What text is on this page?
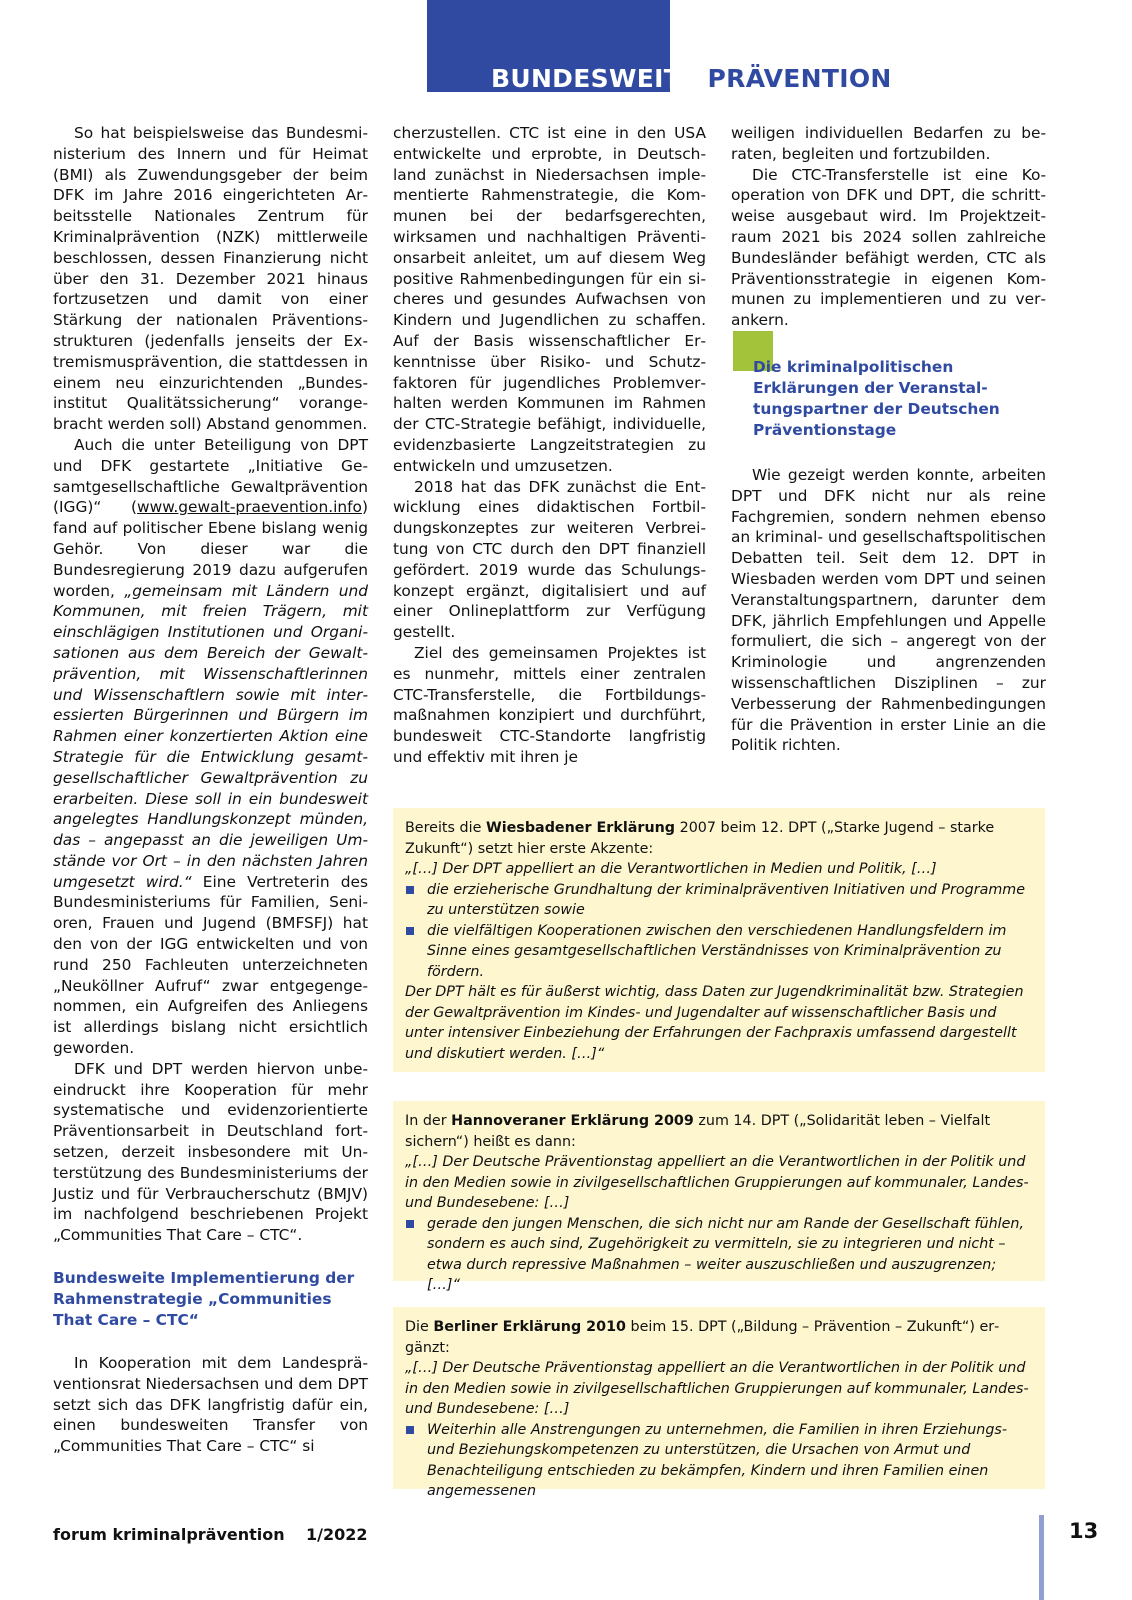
BUNDESWEITE PRÄVENTION

So hat beispielsweise das Bundesministerium des Innern und für Heimat (BMI) als Zuwendungsgeber der beim DFK im Jahre 2016 eingerichteten Arbeitsstelle Nationales Zentrum für Kriminalprävention (NZK) mittlerweile beschlossen, dessen Finanzierung nicht über den 31. Dezember 2021 hinaus fortzusetzen und damit von einer Stärkung der nationalen Präventionsstrukturen (jedenfalls jenseits der Extremismusprävention, die stattdessen in einem neu einzurichtenden „Bundesinstitut Qualitätssicherung“ vorangebracht werden soll) Abstand genommen.

Auch die unter Beteiligung von DPT und DFK gestartete „Initiative Gesamtgesellschaftliche Gewaltprävention (IGG)“ (www.gewalt-praevention.info) fand auf politischer Ebene bislang wenig Gehör. Von dieser war die Bundesregierung 2019 dazu aufgerufen worden, „gemeinsam mit Ländern und Kommunen, mit freien Trägern, mit einschlägigen Institutionen und Organisationen aus dem Bereich der Gewaltprävention, mit Wissenschaftlerinnen und Wissenschaftlern sowie mit interessierten Bürgerinnen und Bürgern im Rahmen einer konzertierten Aktion eine Strategie für die Entwicklung gesamtgesellschaftlicher Gewaltprävention zu erarbeiten. Diese soll in ein bundesweit angelegtes Handlungskonzept münden, das – angepasst an die jeweiligen Umstände vor Ort – in den nächsten Jahren umgesetzt wird.“ Eine Vertreterin des Bundesministeriums für Familien, Senioren, Frauen und Jugend (BMFSFJ) hat den von der IGG entwickelten und von rund 250 Fachleuten unterzeichneten „Neuköllner Aufruf“ zwar entgegengenommen, ein Aufgreifen des Anliegens ist allerdings bislang nicht ersichtlich geworden.

DFK und DPT werden hiervon unbeeindruckt ihre Kooperation für mehr systematische und evidenzorientierte Präventionsarbeit in Deutschland fortsetzen, derzeit insbesondere mit Unterstützung des Bundesministeriums der Justiz und für Verbraucherschutz (BMJV) im nachfolgend beschriebenen Projekt „Communities That Care – CTC“.

Bundesweite Implementierung der Rahmenstrategie „Communities That Care – CTC“

In Kooperation mit dem Landespräventionsrat Niedersachsen und dem DPT setzt sich das DFK langfristig dafür ein, einen bundesweiten Transfer von „Communities That Care – CTC“ si

cherzustellen. CTC ist eine in den USA entwickelte und erprobte, in Deutschland zunächst in Niedersachsen implementierte Rahmenstrategie, die Kommunen bei der bedarfsgerechten, wirksamen und nachhaltigen Präventionsarbeit anleitet, um auf diesem Weg positive Rahmenbedingungen für ein sicheres und gesundes Aufwachsen von Kindern und Jugendlichen zu schaffen. Auf der Basis wissenschaftlicher Erkenntnisse über Risiko- und Schutzfaktoren für jugendliches Problemverhalten werden Kommunen im Rahmen der CTC-Strategie befähigt, individuelle, evidenzbasierte Langzeitstrategien zu entwickeln und umzusetzen.

2018 hat das DFK zunächst die Entwicklung eines didaktischen Fortbildungskonzeptes zur weiteren Verbreitung von CTC durch den DPT finanziell gefördert. 2019 wurde das Schulungskonzept ergänzt, digitalisiert und auf einer Onlineplattform zur Verfügung gestellt.

Ziel des gemeinsamen Projektes ist es nunmehr, mittels einer zentralen CTC-Transferstelle, die Fortbildungsmaßnahmen konzipiert und durchführt, bundesweit CTC-Standorte langfristig und effektiv mit ihren je

weiligen individuellen Bedarfen zu beraten, begleiten und fortzubilden.

Die CTC-Transferstelle ist eine Kooperation von DFK und DPT, die schrittweise ausgebaut wird. Im Projektzeitraum 2021 bis 2024 sollen zahlreiche Bundesländer befähigt werden, CTC als Präventionsstrategie in eigenen Kommunen zu implementieren und zu verankern.

Die kriminalpolitischen Erklärungen der Veranstaltungspartner der Deutschen Präventionstage

Wie gezeigt werden konnte, arbeiten DPT und DFK nicht nur als reine Fachgremien, sondern nehmen ebenso an kriminal- und gesellschaftspolitischen Debatten teil. Seit dem 12. DPT in Wiesbaden werden vom DPT und seinen Veranstaltungspartnern, darunter dem DFK, jährlich Empfehlungen und Appelle formuliert, die sich – angeregt von der Kriminologie und angrenzenden wissenschaftlichen Disziplinen – zur Verbesserung der Rahmenbedingungen für die Prävention in erster Linie an die Politik richten.

Bereits die Wiesbadener Erklärung 2007 beim 12. DPT („Starke Jugend – starke Zukunft“) setzt hier erste Akzente:

„[…] Der DPT appelliert an die Verantwortlichen in Medien und Politik, […]

die erzieherische Grundhaltung der kriminalpräventiven Initiativen und Programme zu unterstützen sowie
die vielfältigen Kooperationen zwischen den verschiedenen Handlungsfeldern im Sinne eines gesamtgesellschaftlichen Verständnisses von Kriminalprävention zu fördern.

Der DPT hält es für äußerst wichtig, dass Daten zur Jugendkriminalität bzw. Strategien der Gewaltprävention im Kindes- und Jugendalter auf wissenschaftlicher Basis und unter intensiver Einbeziehung der Erfahrungen der Fachpraxis umfassend dargestellt und diskutiert werden. […]“

In der Hannoveraner Erklärung 2009 zum 14. DPT („Solidarität leben – Vielfalt sichern“) heißt es dann:

„[…] Der Deutsche Präventionstag appelliert an die Verantwortlichen in der Politik und in den Medien sowie in zivilgesellschaftlichen Gruppierungen auf kommunaler, Landes- und Bundesebene: […]

gerade den jungen Menschen, die sich nicht nur am Rande der Gesellschaft fühlen, sondern es auch sind, Zugehörigkeit zu vermitteln, sie zu integrieren und nicht – etwa durch repressive Maßnahmen – weiter auszuschließen und auszugrenzen; […]“

Die Berliner Erklärung 2010 beim 15. DPT („Bildung – Prävention – Zukunft“) ergänzt:

„[…] Der Deutsche Präventionstag appelliert an die Verantwortlichen in der Politik und in den Medien sowie in zivilgesellschaftlichen Gruppierungen auf kommunaler, Landes- und Bundesebene: […]

Weiterhin alle Anstrengungen zu unternehmen, die Familien in ihren Erziehungs- und Beziehungskompetenzen zu unterstützen, die Ursachen von Armut und Benachteiligung entschieden zu bekämpfen, Kindern und ihren Familien einen angemessenen
forum kriminalprävention 1/2022	13
